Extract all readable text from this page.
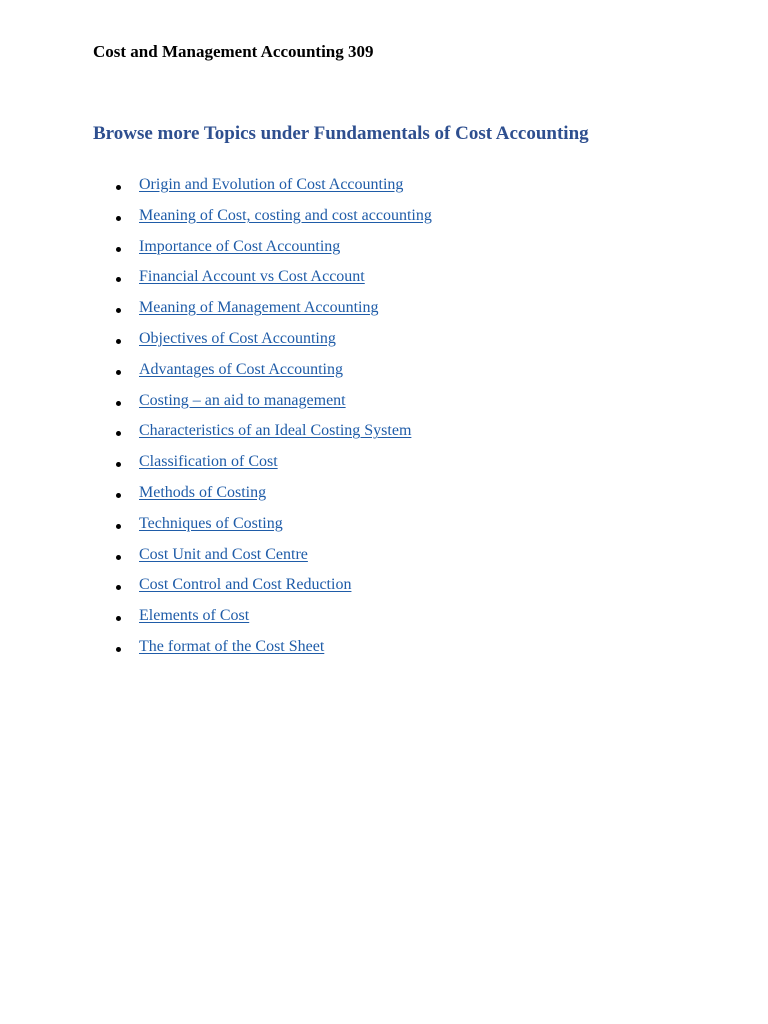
Cost and Management Accounting 309
Browse more Topics under Fundamentals of Cost Accounting
Origin and Evolution of Cost Accounting
Meaning of Cost, costing and cost accounting
Importance of Cost Accounting
Financial Account vs Cost Account
Meaning of Management Accounting
Objectives of Cost Accounting
Advantages of Cost Accounting
Costing – an aid to management
Characteristics of an Ideal Costing System
Classification of Cost
Methods of Costing
Techniques of Costing
Cost Unit and Cost Centre
Cost Control and Cost Reduction
Elements of Cost
The format of the Cost Sheet
